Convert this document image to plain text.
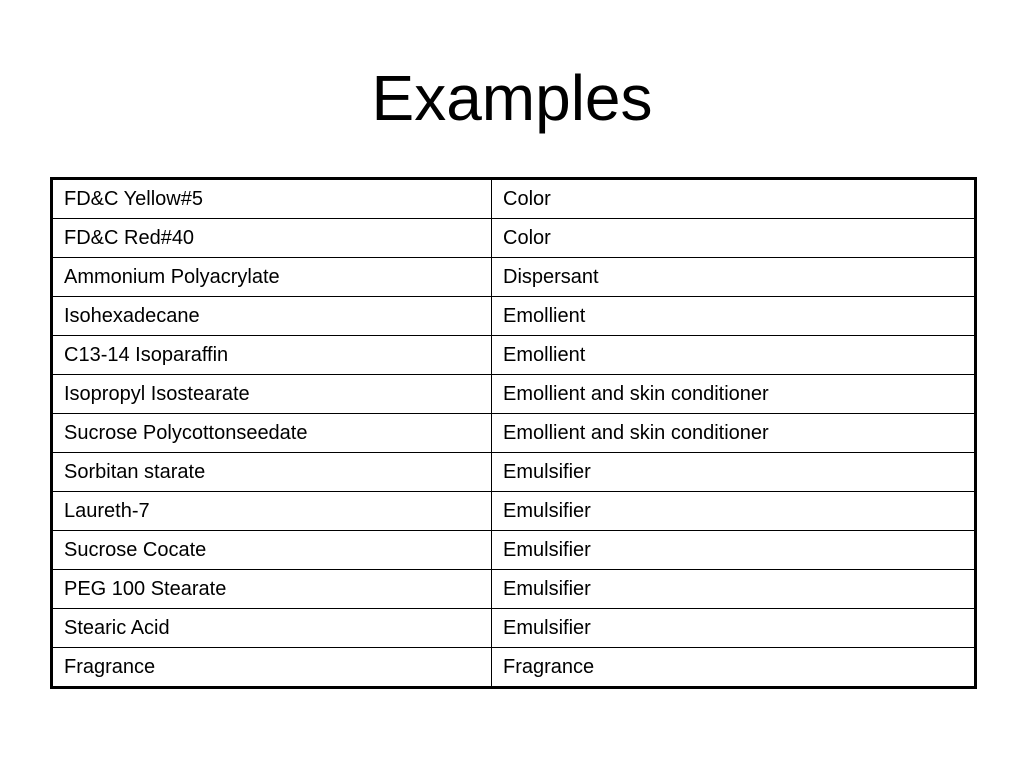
Examples
FD&C Yellow#5	Color
FD&C Red#40	Color
Ammonium Polyacrylate	Dispersant
Isohexadecane	Emollient
C13-14 Isoparaffin	Emollient
Isopropyl Isostearate	Emollient and skin conditioner
Sucrose Polycottonseedate	Emollient and skin conditioner
Sorbitan starate	Emulsifier
Laureth-7	Emulsifier
Sucrose Cocate	Emulsifier
PEG 100 Stearate	Emulsifier
Stearic Acid	Emulsifier
Fragrance	Fragrance
